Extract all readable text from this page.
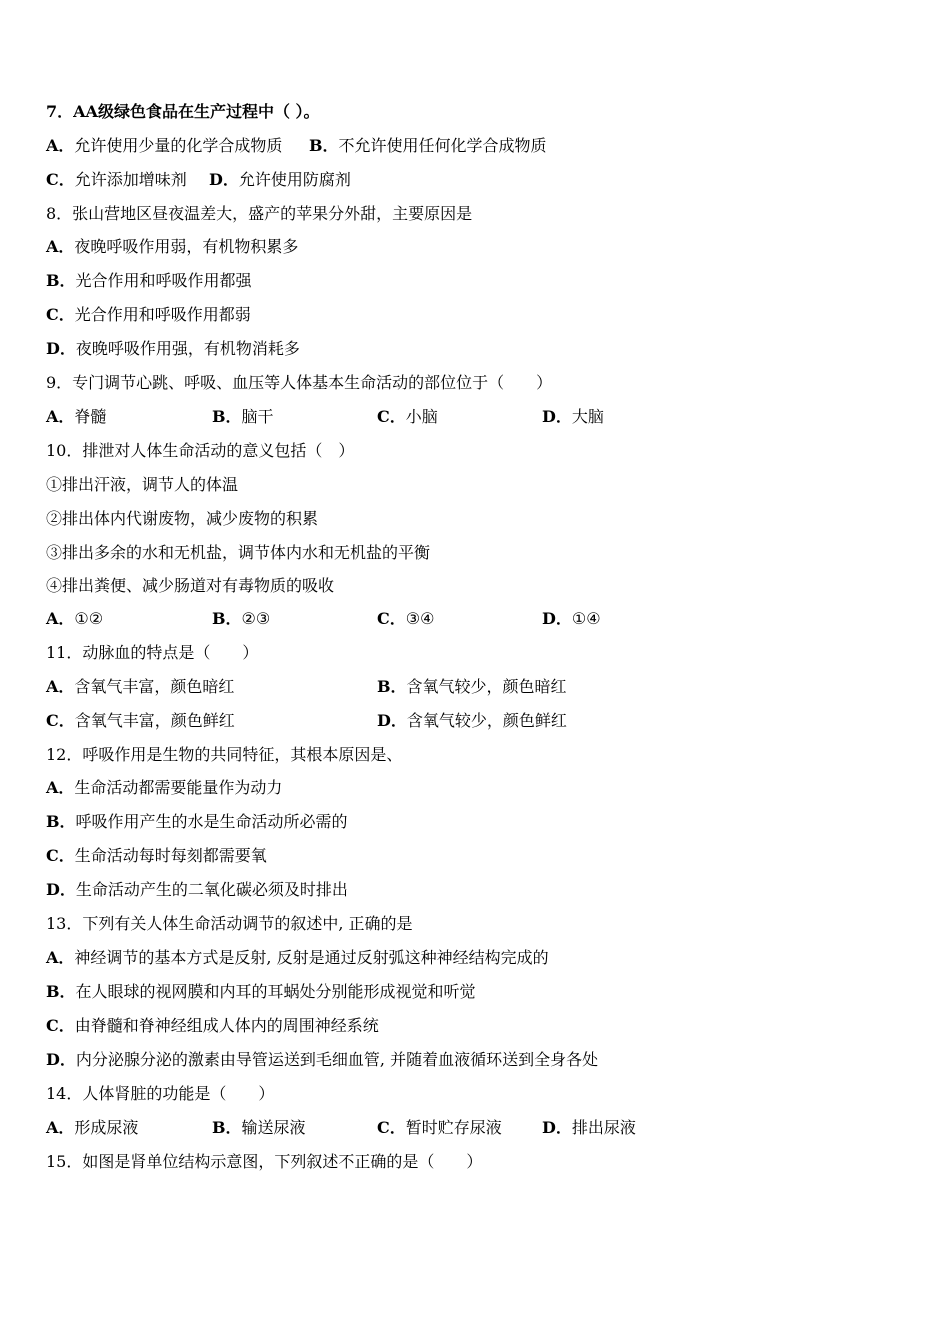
7．AA级绿色食品在生产过程中（ ）。
A．允许使用少量的化学合成物质 B．不允许使用任何化学合成物质
C．允许添加增味剂 D．允许使用防腐剂
8．张山营地区昼夜温差大，盛产的苹果分外甜，主要原因是
A．夜晚呼吸作用弱，有机物积累多
B．光合作用和呼吸作用都强
C．光合作用和呼吸作用都弱
D．夜晚呼吸作用强，有机物消耗多
9．专门调节心跳、呼吸、血压等人体基本生命活动的部位位于（　　）
A．脊髓	B．脑干	C．小脑	D．大脑
10．排泄对人体生命活动的意义包括（　）
①排出汗液，调节人的体温
②排出体内代谢废物，减少废物的积累
③排出多余的水和无机盐，调节体内水和无机盐的平衡
④排出粪便、减少肠道对有毒物质的吸收
A．①②	B．②③	C．③④	D．①④
11．动脉血的特点是（　　）
A．含氧气丰富，颜色暗红	B．含氧气较少，颜色暗红
C．含氧气丰富，颜色鲜红	D．含氧气较少，颜色鲜红
12．呼吸作用是生物的共同特征，其根本原因是、
A．生命活动都需要能量作为动力
B．呼吸作用产生的水是生命活动所必需的
C．生命活动每时每刻都需要氧
D．生命活动产生的二氧化碳必须及时排出
13．下列有关人体生命活动调节的叙述中, 正确的是
A．神经调节的基本方式是反射, 反射是通过反射弧这种神经结构完成的
B．在人眼球的视网膜和内耳的耳蜗处分别能形成视觉和听觉
C．由脊髓和脊神经组成人体内的周围神经系统
D．内分泌腺分泌的激素由导管运送到毛细血管, 并随着血液循环送到全身各处
14．人体肾脏的功能是（　　）
A．形成尿液	B．输送尿液	C．暂时贮存尿液	D．排出尿液
15．如图是肾单位结构示意图，下列叙述不正确的是（　　）
